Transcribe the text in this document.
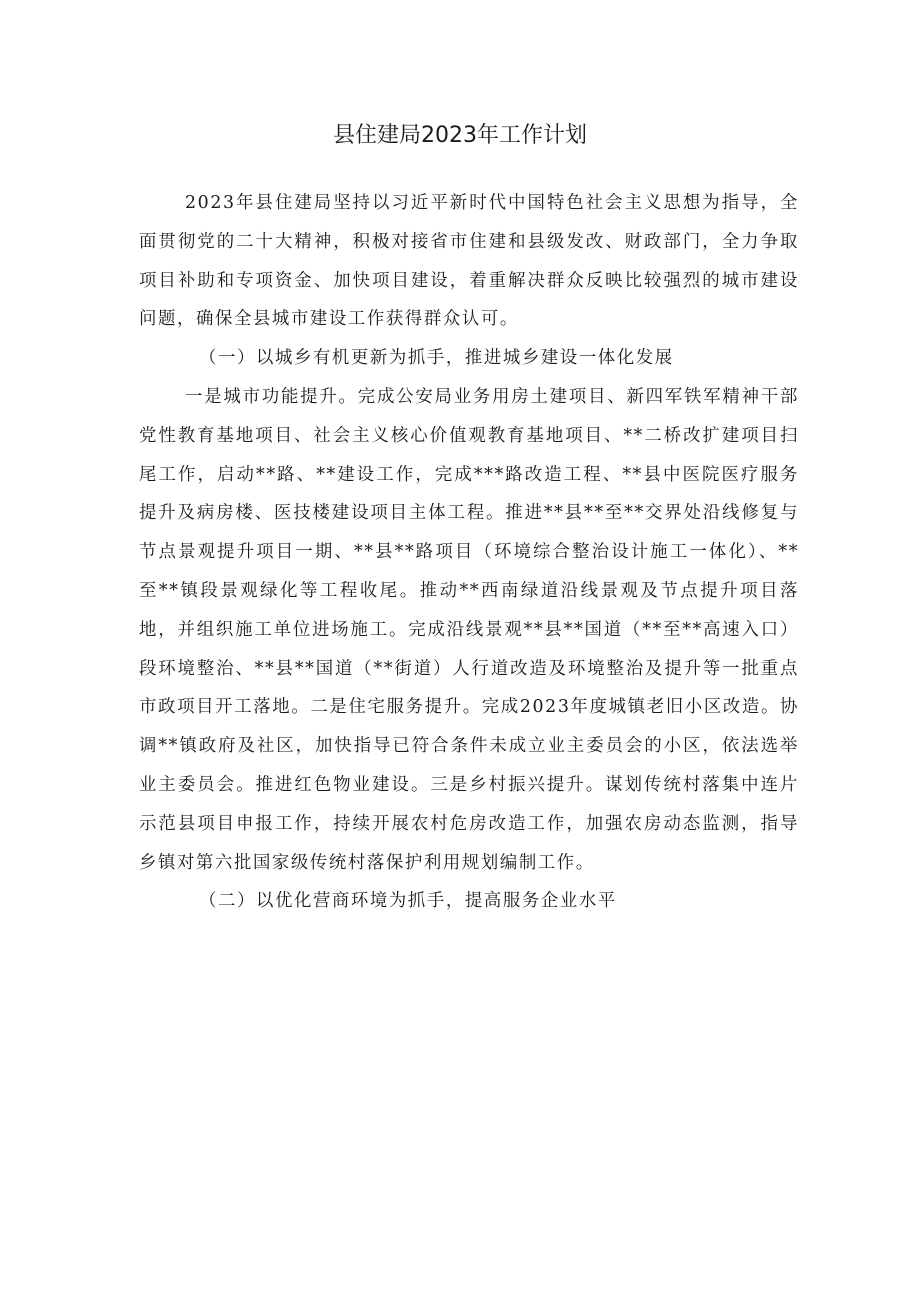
县住建局2023年工作计划

2023年县住建局坚持以习近平新时代中国特色社会主义思想为指导，全面贯彻党的二十大精神，积极对接省市住建和县级发改、财政部门，全力争取项目补助和专项资金、加快项目建设，着重解决群众反映比较强烈的城市建设问题，确保全县城市建设工作获得群众认可。

（一）以城乡有机更新为抓手，推进城乡建设一体化发展

一是城市功能提升。完成公安局业务用房土建项目、新四军铁军精神干部党性教育基地项目、社会主义核心价值观教育基地项目、**二桥改扩建项目扫尾工作，启动**路、**建设工作，完成***路改造工程、**县中医院医疗服务提升及病房楼、医技楼建设项目主体工程。推进**县**至**交界处沿线修复与节点景观提升项目一期、**县**路项目（环境综合整治设计施工一体化）、**至**镇段景观绿化等工程收尾。推动**西南绿道沿线景观及节点提升项目落地，并组织施工单位进场施工。完成沿线景观**县**国道（**至**高速入口）段环境整治、**县**国道（**街道）人行道改造及环境整治及提升等一批重点市政项目开工落地。二是住宅服务提升。完成2023年度城镇老旧小区改造。协调**镇政府及社区，加快指导已符合条件未成立业主委员会的小区，依法选举业主委员会。推进红色物业建设。三是乡村振兴提升。谋划传统村落集中连片示范县项目申报工作，持续开展农村危房改造工作，加强农房动态监测，指导乡镇对第六批国家级传统村落保护利用规划编制工作。

（二）以优化营商环境为抓手，提高服务企业水平
